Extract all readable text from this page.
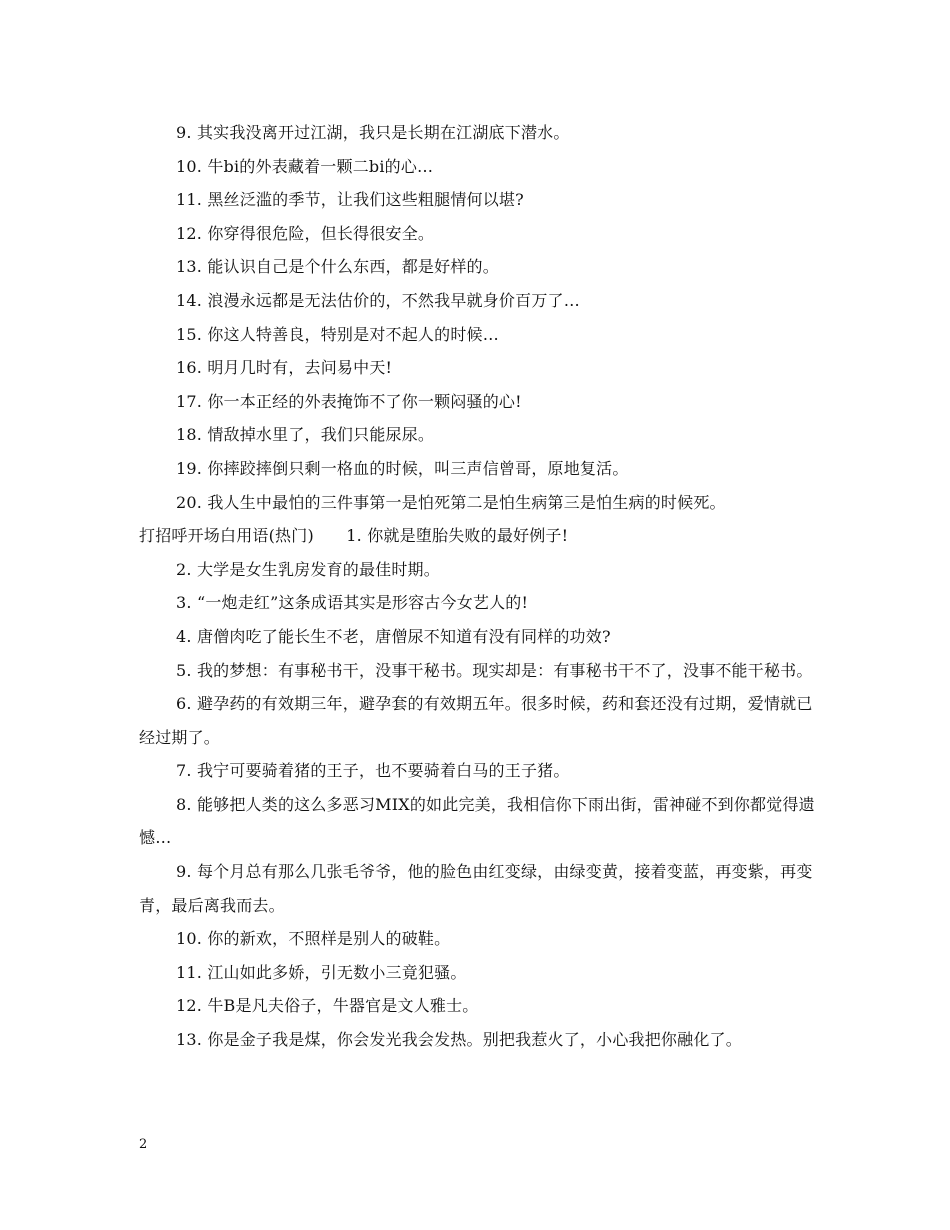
9. 其实我没离开过江湖，我只是长期在江湖底下潜水。

10. 牛bi的外表藏着一颗二bi的心…

11. 黑丝泛滥的季节，让我们这些粗腿情何以堪?

12. 你穿得很危险，但长得很安全。

13. 能认识自己是个什么东西，都是好样的。

14. 浪漫永远都是无法估价的，不然我早就身价百万了…

15. 你这人特善良，特别是对不起人的时候…

16. 明月几时有，去问易中天!

17. 你一本正经的外表掩饰不了你一颗闷骚的心!

18. 情敌掉水里了，我们只能尿尿。

19. 你摔跤摔倒只剩一格血的时候，叫三声信曾哥，原地复活。

20. 我人生中最怕的三件事第一是怕死第二是怕生病第三是怕生病的时候死。

打招呼开场白用语(热门)　　1. 你就是堕胎失败的最好例子!

2. 大学是女生乳房发育的最佳时期。

3. “一炮走红”这条成语其实是形容古今女艺人的!

4. 唐僧肉吃了能长生不老，唐僧尿不知道有没有同样的功效?

5. 我的梦想：有事秘书干，没事干秘书。现实却是：有事秘书干不了，没事不能干秘书。

6. 避孕药的有效期三年，避孕套的有效期五年。很多时候，药和套还没有过期，爱情就已经过期了。

7. 我宁可要骑着猪的王子，也不要骑着白马的王子猪。

8. 能够把人类的这么多恶习MIX的如此完美，我相信你下雨出街，雷神碰不到你都觉得遗憾…

9. 每个月总有那么几张毛爷爷，他的脸色由红变绿，由绿变黄，接着变蓝，再变紫，再变青，最后离我而去。

10. 你的新欢，不照样是别人的破鞋。

11. 江山如此多娇，引无数小三竟犯骚。

12. 牛B是凡夫俗子，牛器官是文人雅士。

13. 你是金子我是煤，你会发光我会发热。别把我惹火了，小心我把你融化了。

2
